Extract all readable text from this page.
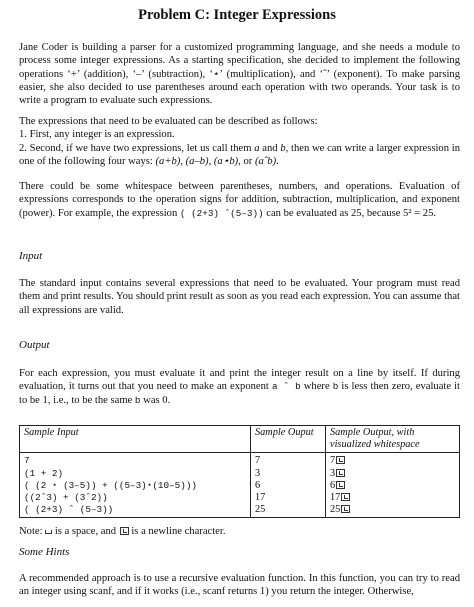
Problem C: Integer Expressions

Jane Coder is building a parser for a customized programming language, and she needs a module to process some integer expressions. As a starting specification, she decided to implement the following operations ‘+’ (addition), ‘–’ (subtraction), ‘⋆’ (multiplication), and ‘ˆ’ (exponent). To make parsing easier, she also decided to use parentheses around each operation with two operands. Your task is to write a program to evaluate such expressions.

The expressions that need to be evaluated can be described as follows:

1. First, any integer is an expression.

2. Second, if we have two expressions, let us call them a and b, then we can write a larger expression in one of the following four ways: (a+b), (a–b), (a⋆b), or (aˆb).

There could be some whitespace between parentheses, numbers, and operations. Evaluation of expressions corresponds to the operation signs for addition, subtraction, multiplication, and exponent (power). For example, the expression ( (2+3) ˆ(5–3)) can be evaluated as 25, because 5² = 25.

Input

The standard input contains several expressions that need to be evaluated. Your program must read them and print results. You should print result as soon as you read each expression. You can assume that all expressions are valid.

Output

For each expression, you must evaluate it and print the integer result on a line by itself. If during evaluation, it turns out that you need to make an exponent a ˆ b where b is less then zero, evaluate it to be 1, i.e., to be the same b was 0.

Sample Input	Sample Ouput	Sample Output, with visualized whitespace
7	7	7
(1 + 2)	3	3
( (2 ⋆ (3–5)) + ((5–3)⋆(10–5)))	6	6
((2ˆ3) + (3ˆ2))	17	17
( (2+3) ˆ (5–3))	25	25

Note: is a space, and is a newline character.

Some Hints

A recommended approach is to use a recursive evaluation function. In this function, you can try to read an integer using scanf, and if it works (i.e., scanf returns 1) you return the integer. Otherwise,
